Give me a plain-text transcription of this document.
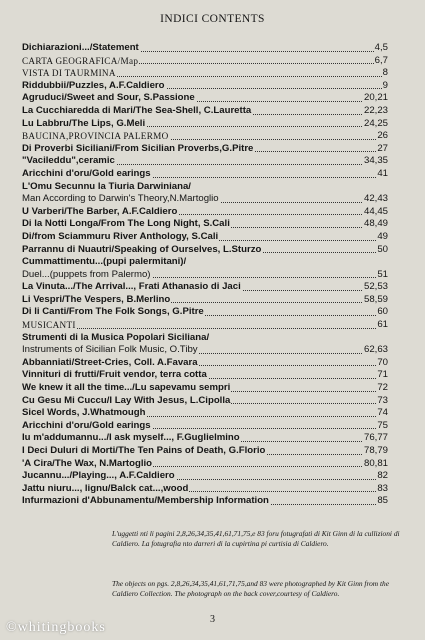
INDICI CONTENTS
Dichiarazioni.../Statement	4,5
CARTA GEOGRAFICA/Map	6,7
VISTA DI TAURMINA	8
Riddubbii/Puzzles, A.F.Caldiero	9
Agruduci/Sweet and Sour, S.Passione	20,21
La Cucchiaredda di Mari/The Sea-Shell, C.Lauretta	22,23
Lu Labbru/The Lips, G.Meli	24,25
BAUCINA,PROVINCIA PALERMO	26
Di Proverbi Siciliani/From Sicilian Proverbs,G.Pitre	27
"Vacileddu",ceramic	34,35
Aricchini d'oru/Gold earings	41
L'Omu Secunnu la Tiuria Darwiniana/
Man According to Darwin's Theory,N.Martoglio	42,43
U Varberi/The Barber, A.F.Caldiero	44,45
Di la Notti Longa/From The Long Night, S.Cali	48,49
Di/from Sciammuru River Anthology, S.Cali	49
Parrannu di Nuautri/Speaking of Ourselves, L.Sturzo	50
Cummattimentu...(pupi palermitani)/
Duel...(puppets from Palermo)	51
La Vinuta.../The Arrival..., Frati Athanasio di Jaci	52,53
Li Vespri/The Vespers, B.Merlino	58,59
Di li Canti/From The Folk Songs, G.Pitre	60
MUSICANTI	61
Strumenti di la Musica Popolari Siciliana/
Instruments of Sicilian Folk Music, O.Tiby	62,63
Abbanniati/Street-Cries, Coll. A.Favara	70
Vinnituri di frutti/Fruit vendor, terra cotta	71
We knew it all the time.../Lu sapevamu sempri	72
Cu Gesu Mi Cuccu/I Lay With Jesus, L.Cipolla	73
Sicel Words, J.Whatmough	74
Aricchini d'oru/Gold earings	75
Iu m'addumannu.../I ask myself..., F.Guglielmino	76,77
I Deci Duluri di Morti/The Ten Pains of Death, G.Florio	78,79
'A Cira/The Wax, N.Martoglio	80,81
Jucannu.../Playing..., A.F.Caldiero	82
Jattu niuru..., lignu/Balck cat...,wood	83
Infurmazioni d'Abbunamentu/Membership Information	85

L'uggetti nti li pagini 2,8,26,34,35,41,61,71,75,e 83 foru fotugrafati di Kit Ginn di la cullizioni di Caldiero. La fotugrafia nto darreri di la cupirtina pi curtisia di Caldiero.

The objects on pgs. 2,8,26,34,35,41,61,71,75,and 83 were photographed by Kit Ginn from the Caldiero Collection. The photograph on the back cover,courtesy of Caldiero.

3
©whitingbooks
